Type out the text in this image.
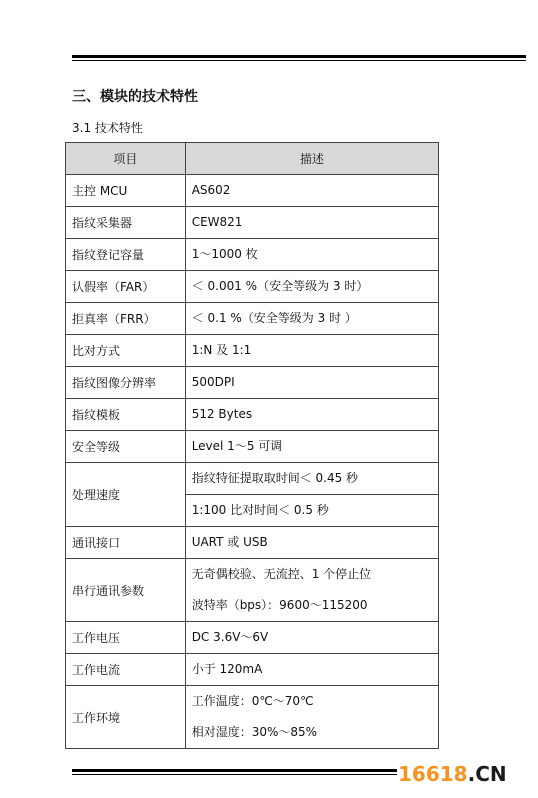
三、模块的技术特性
3.1 技术特性
项目	描述
主控 MCU	AS602

指纹采集器	CEW821

指纹登记容量	1～1000 枚

认假率（FAR）	＜ 0.001 %（安全等级为 3 时）

拒真率（FRR）	＜ 0.1 %（安全等级为 3 时 ）

比对方式	1:N 及 1:1

指纹图像分辨率	500DPI

指纹模板	512 Bytes

安全等级	Level 1～5 可调

处理速度	指纹特征提取取时间＜ 0.45 秒
1:100 比对时间＜ 0.5 秒

通讯接口	UART 或 USB

串行通讯参数	无奇偶校验、无流控、1 个停止位
波特率（bps）：9600～115200

工作电压	DC 3.6V～6V

工作电流	小于 120mA

工作环境	工作温度：0℃～70℃
相对湿度：30%～85%
16618.CN
